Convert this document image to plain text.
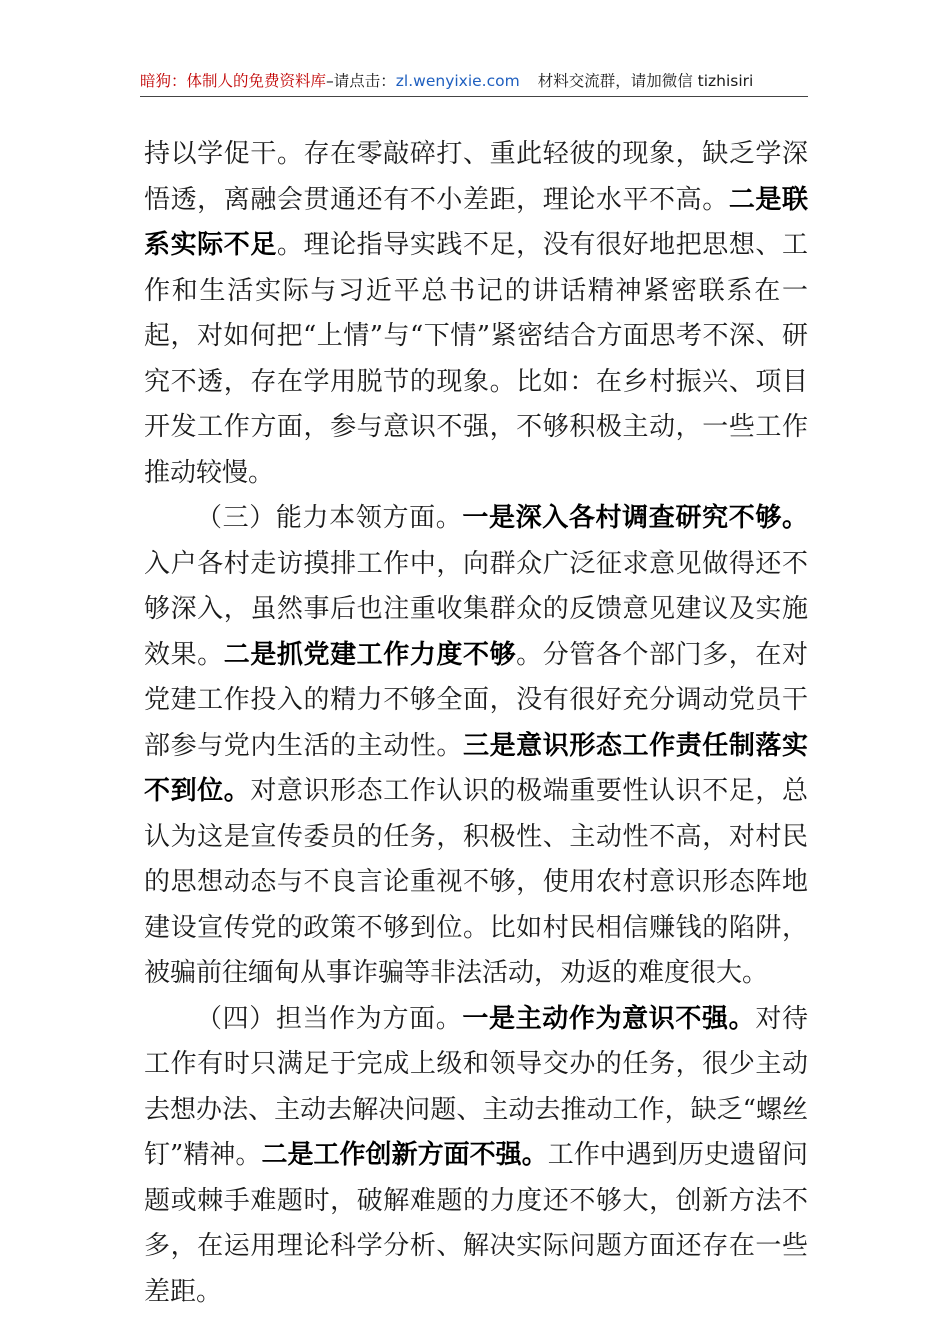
暗狗：体制人的免费资料库–请点击：zl.wenyixie.com 材料交流群，请加微信 tizhisiri

持以学促干。存在零敲碎打、重此轻彼的现象，缺乏学深悟透，离融会贯通还有不小差距，理论水平不高。二是联系实际不足。理论指导实践不足，没有很好地把思想、工作和生活实际与习近平总书记的讲话精神紧密联系在一起，对如何把“上情”与“下情”紧密结合方面思考不深、研究不透，存在学用脱节的现象。比如：在乡村振兴、项目开发工作方面，参与意识不强，不够积极主动，一些工作推动较慢。

（三）能力本领方面。一是深入各村调查研究不够。入户各村走访摸排工作中，向群众广泛征求意见做得还不够深入，虽然事后也注重收集群众的反馈意见建议及实施效果。二是抓党建工作力度不够。分管各个部门多，在对党建工作投入的精力不够全面，没有很好充分调动党员干部参与党内生活的主动性。三是意识形态工作责任制落实不到位。对意识形态工作认识的极端重要性认识不足，总认为这是宣传委员的任务，积极性、主动性不高，对村民的思想动态与不良言论重视不够，使用农村意识形态阵地建设宣传党的政策不够到位。比如村民相信赚钱的陷阱，被骗前往缅甸从事诈骗等非法活动，劝返的难度很大。

（四）担当作为方面。一是主动作为意识不强。对待工作有时只满足于完成上级和领导交办的任务，很少主动去想办法、主动去解决问题、主动去推动工作，缺乏“螺丝钉”精神。二是工作创新方面不强。工作中遇到历史遗留问题或棘手难题时，破解难题的力度还不够大，创新方法不多，在运用理论科学分析、解决实际问题方面还存在一些差距。
